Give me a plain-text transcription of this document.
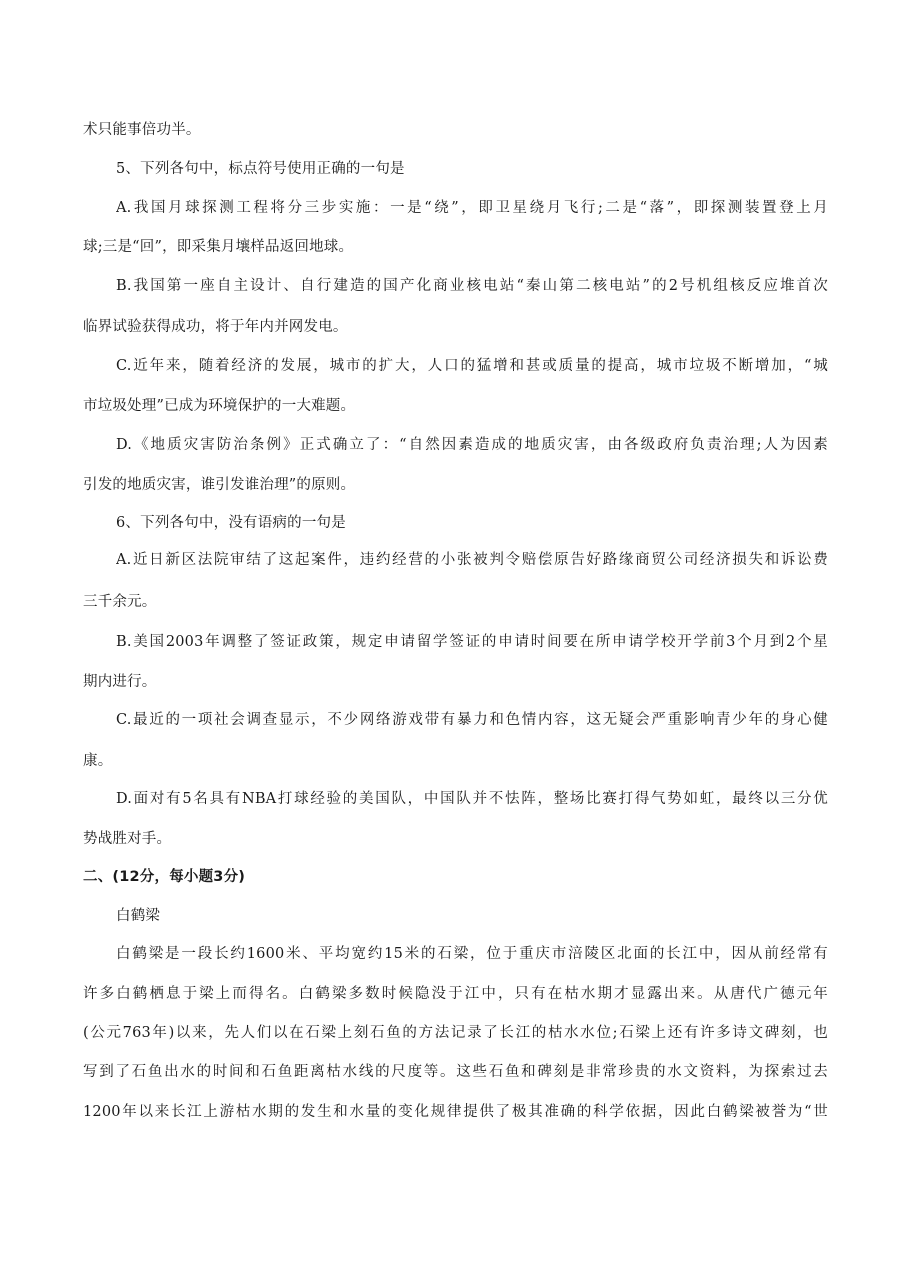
术只能事倍功半。
5、下列各句中，标点符号使用正确的一句是
A.我国月球探测工程将分三步实施：一是“绕”，即卫星绕月飞行;二是“落”，即探测装置登上月
球;三是“回”，即采集月壤样品返回地球。
B.我国第一座自主设计、自行建造的国产化商业核电站“秦山第二核电站”的2号机组核反应堆首次
临界试验获得成功，将于年内并网发电。
C.近年来，随着经济的发展，城市的扩大，人口的猛增和甚或质量的提高，城市垃圾不断增加，“城
市垃圾处理”已成为环境保护的一大难题。
D.《地质灾害防治条例》正式确立了：“自然因素造成的地质灾害，由各级政府负责治理;人为因素
引发的地质灾害，谁引发谁治理”的原则。
6、下列各句中，没有语病的一句是
A.近日新区法院审结了这起案件，违约经营的小张被判令赔偿原告好路缘商贸公司经济损失和诉讼费
三千余元。
B.美国2003年调整了签证政策，规定申请留学签证的申请时间要在所申请学校开学前3个月到2个星
期内进行。
C.最近的一项社会调查显示，不少网络游戏带有暴力和色情内容，这无疑会严重影响青少年的身心健
康。
D.面对有5名具有NBA打球经验的美国队，中国队并不怯阵，整场比赛打得气势如虹，最终以三分优
势战胜对手。
二、(12分，每小题3分)
白鹤梁
白鹤梁是一段长约1600米、平均宽约15米的石梁，位于重庆市涪陵区北面的长江中，因从前经常有
许多白鹤栖息于梁上而得名。白鹤梁多数时候隐没于江中，只有在枯水期才显露出来。从唐代广德元年
(公元763年)以来，先人们以在石梁上刻石鱼的方法记录了长江的枯水水位;石梁上还有许多诗文碑刻，也
写到了石鱼出水的时间和石鱼距离枯水线的尺度等。这些石鱼和碑刻是非常珍贵的水文资料，为探索过去
1200年以来长江上游枯水期的发生和水量的变化规律提供了极其准确的科学依据，因此白鹤梁被誉为“世
